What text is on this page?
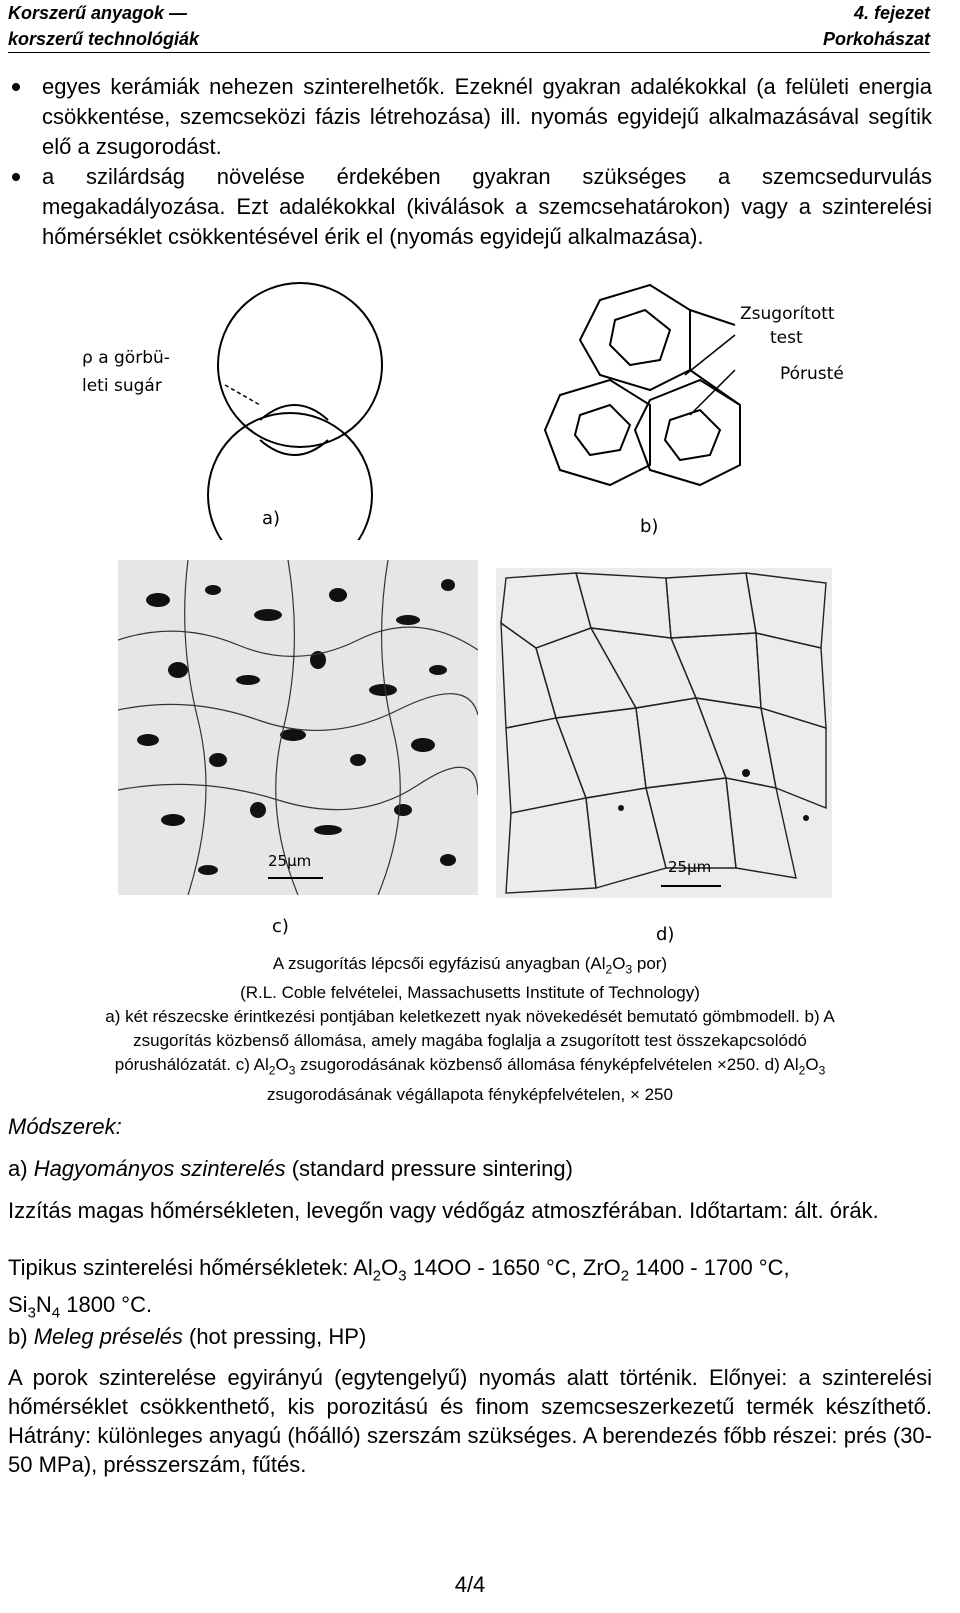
Korszerű anyagok —
korszerű technológiák
4. fejezet
Porkohászat
egyes kerámiák nehezen szinterelhetők. Ezeknél gyakran adalékokkal (a felületi energia csökkentése, szemcseközi fázis létrehozása) ill. nyomás egyidejű alkalmazásával segítik elő a zsugorodást.
a szilárdság növelése érdekében gyakran szükséges a szemcsedurvulás megakadályozása. Ezt adalékokkal (kiválások a szemcsehatárokon) vagy a szinterelési hőmérséklet csökkentésével érik el (nyomás egyidejű alkalmazása).
ρ a görbü-
leti sugár
a)
Zsugorított
test
Pórusté
b)
25μm
c)
25μm
d)
A zsugorítás lépcsői egyfázisú anyagban ($Al_2O_3$ por)
(R.L. Coble felvételei, Massachusetts Institute of Technology)
a) két részecske érintkezési pontjában keletkezett nyak növekedését bemutató gömbmodell. b) A
zsugorítás közbenső állomása, amely magába foglalja a zsugorított test összekapcsolódó
pórushálózatát. c) $Al_2O_3$ zsugorodásának közbenső állomása fényképfelvételen ×250. d) $Al_2O_3$
zsugorodásának végállapota fényképfelvételen, × 250
Módszerek:
a) Hagyományos szinterelés (standard pressure sintering)
Izzítás magas hőmérsékleten, levegőn vagy védőgáz atmoszférában. Időtartam: ált. órák.
Tipikus szinterelési hőmérsékletek: $Al_2O_3$ 14OO - 1650 °C, ZrO$_2$ 1400 - 1700 °C,
$Si_3N_4$ 1800 °C.
b) Meleg préselés (hot pressing, HP)
A porok szinterelése egyirányú (egytengelyű) nyomás alatt történik. Előnyei: a szinterelési hőmérséklet csökkenthető, kis porozitású és finom szemcseszerkezetű termék készíthető. Hátrány: különleges anyagú (hőálló) szerszám szükséges. A berendezés főbb részei: prés (30-50 MPa), présszerszám, fűtés.
4/4
